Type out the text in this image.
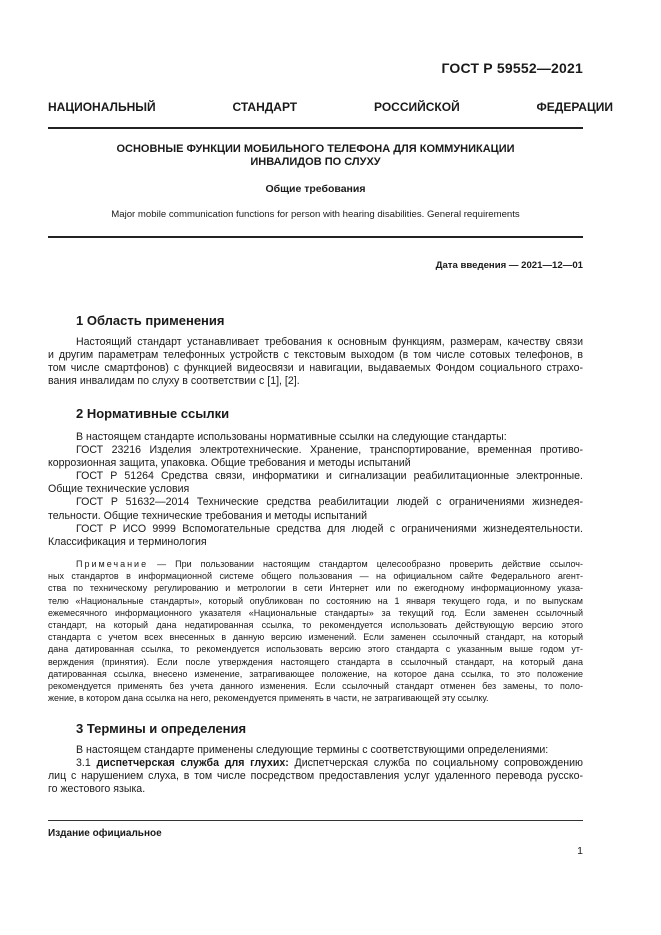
ГОСТ Р 59552—2021
НАЦИОНАЛЬНЫЙ СТАНДАРТ РОССИЙСКОЙ ФЕДЕРАЦИИ
ОСНОВНЫЕ ФУНКЦИИ МОБИЛЬНОГО ТЕЛЕФОНА ДЛЯ КОММУНИКАЦИИ
ИНВАЛИДОВ ПО СЛУХУ
Общие требования
Major mobile communication functions for person with hearing disabilities. General requirements
Дата введения — 2021—12—01
1 Область применения
Настоящий стандарт устанавливает требования к основным функциям, размерам, качеству связи
и другим параметрам телефонных устройств с текстовым выходом (в том числе сотовых телефонов, в
том числе смартфонов) с функцией видеосвязи и навигации, выдаваемых Фондом социального страхо-
вания инвалидам по слуху в соответствии с [1], [2].
2 Нормативные ссылки
В настоящем стандарте использованы нормативные ссылки на следующие стандарты:
ГОСТ 23216 Изделия электротехнические. Хранение, транспортирование, временная противо-
коррозионная защита, упаковка. Общие требования и методы испытаний
ГОСТ Р 51264 Средства связи, информатики и сигнализации реабилитационные электронные.
Общие технические условия
ГОСТ Р 51632—2014 Технические средства реабилитации людей с ограничениями жизнедея-
тельности. Общие технические требования и методы испытаний
ГОСТ Р ИСО 9999 Вспомогательные средства для людей с ограничениями жизнедеятельности.
Классификация и терминология
Примечание — При пользовании настоящим стандартом целесообразно проверить действие ссылоч-
ных стандартов в информационной системе общего пользования — на официальном сайте Федерального агент-
ства по техническому регулированию и метрологии в сети Интернет или по ежегодному информационному указа-
телю «Национальные стандарты», который опубликован по состоянию на 1 января текущего года, и по выпускам
ежемесячного информационного указателя «Национальные стандарты» за текущий год. Если заменен ссылочный
стандарт, на который дана недатированная ссылка, то рекомендуется использовать действующую версию этого
стандарта с учетом всех внесенных в данную версию изменений. Если заменен ссылочный стандарт, на который
дана датированная ссылка, то рекомендуется использовать версию этого стандарта с указанным выше годом ут-
верждения (принятия). Если после утверждения настоящего стандарта в ссылочный стандарт, на который дана
датированная ссылка, внесено изменение, затрагивающее положение, на которое дана ссылка, то это положение
рекомендуется применять без учета данного изменения. Если ссылочный стандарт отменен без замены, то поло-
жение, в котором дана ссылка на него, рекомендуется применять в части, не затрагивающей эту ссылку.
3 Термины и определения
В настоящем стандарте применены следующие термины с соответствующими определениями:
3.1 диспетчерская служба для глухих: Диспетчерская служба по социальному сопровождению
лиц с нарушением слуха, в том числе посредством предоставления услуг удаленного перевода русско-
го жестового языка.
Издание официальное
1
